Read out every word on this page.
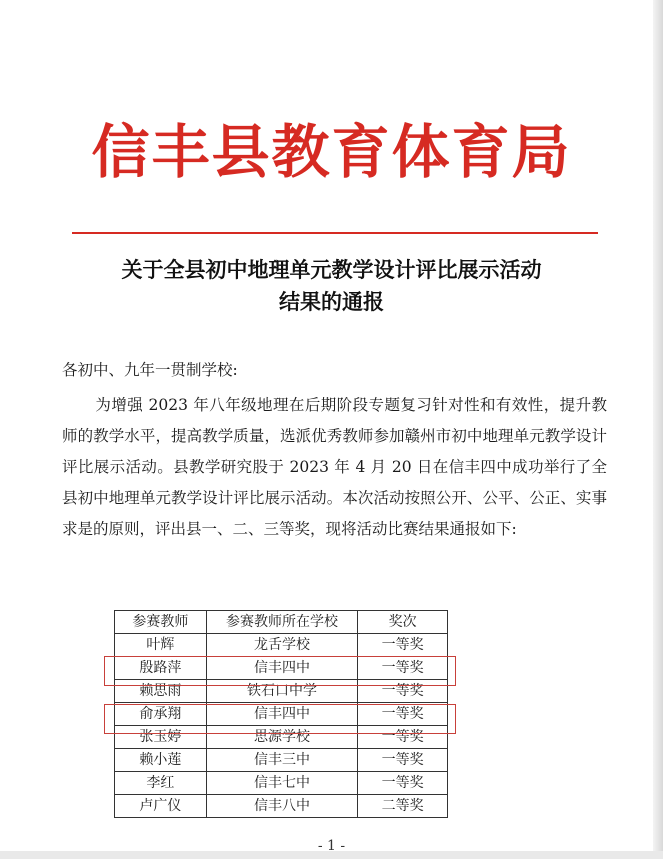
信丰县教育体育局
关于全县初中地理单元教学设计评比展示活动
结果的通报
各初中、九年一贯制学校:
为增强 2023 年八年级地理在后期阶段专题复习针对性和有效性，提升教师的教学水平，提高教学质量，选派优秀教师参加赣州市初中地理单元教学设计评比展示活动。县教学研究股于 2023 年 4 月 20 日在信丰四中成功举行了全县初中地理单元教学设计评比展示活动。本次活动按照公开、公平、公正、实事求是的原则，评出县一、二、三等奖，现将活动比赛结果通报如下:
参赛教师	参赛教师所在学校	奖次
叶辉	龙舌学校	一等奖
殷路萍	信丰四中	一等奖
赖思雨	铁石口中学	一等奖
俞承翔	信丰四中	一等奖
张玉婷	思源学校	一等奖
赖小莲	信丰三中	一等奖
李红	信丰七中	一等奖
卢广仪	信丰八中	二等奖
- 1 -
